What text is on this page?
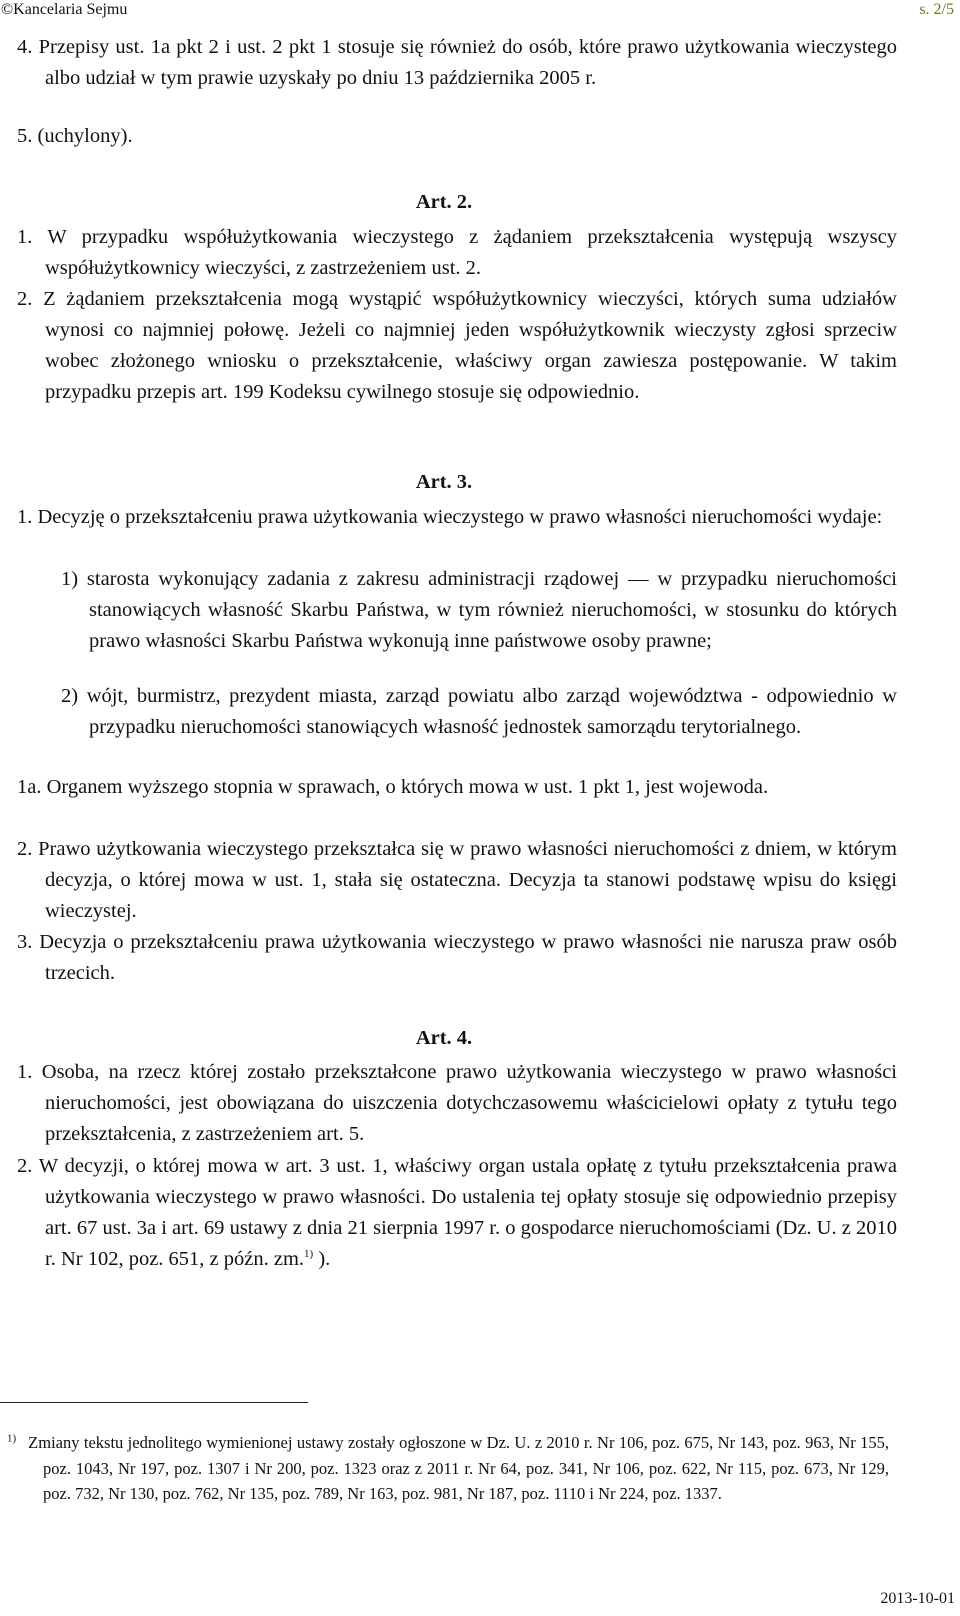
©Kancelaria Sejmu	s. 2/5

4. Przepisy ust. 1a pkt 2 i ust. 2 pkt 1 stosuje się również do osób, które prawo użytkowania wieczystego albo udział w tym prawie uzyskały po dniu 13 października 2005 r.

5. (uchylony).

Art. 2.

1. W przypadku współużytkowania wieczystego z żądaniem przekształcenia występują wszyscy współużytkownicy wieczyści, z zastrzeżeniem ust. 2.

2. Z żądaniem przekształcenia mogą wystąpić współużytkownicy wieczyści, których suma udziałów wynosi co najmniej połowę. Jeżeli co najmniej jeden współużytkownik wieczysty zgłosi sprzeciw wobec złożonego wniosku o przekształcenie, właściwy organ zawiesza postępowanie. W takim przypadku przepis art. 199 Kodeksu cywilnego stosuje się odpowiednio.

Art. 3.

1. Decyzję o przekształceniu prawa użytkowania wieczystego w prawo własności nieruchomości wydaje:

1) starosta wykonujący zadania z zakresu administracji rządowej — w przypadku nieruchomości stanowiących własność Skarbu Państwa, w tym również nieruchomości, w stosunku do których prawo własności Skarbu Państwa wykonują inne państwowe osoby prawne;

2) wójt, burmistrz, prezydent miasta, zarząd powiatu albo zarząd województwa - odpowiednio w przypadku nieruchomości stanowiących własność jednostek samorządu terytorialnego.

1a. Organem wyższego stopnia w sprawach, o których mowa w ust. 1 pkt 1, jest wojewoda.

2. Prawo użytkowania wieczystego przekształca się w prawo własności nieruchomości z dniem, w którym decyzja, o której mowa w ust. 1, stała się ostateczna. Decyzja ta stanowi podstawę wpisu do księgi wieczystej.

3. Decyzja o przekształceniu prawa użytkowania wieczystego w prawo własności nie narusza praw osób trzecich.

Art. 4.

1. Osoba, na rzecz której zostało przekształcone prawo użytkowania wieczystego w prawo własności nieruchomości, jest obowiązana do uiszczenia dotychczasowemu właścicielowi opłaty z tytułu tego przekształcenia, z zastrzeżeniem art. 5.

2. W decyzji, o której mowa w art. 3 ust. 1, właściwy organ ustala opłatę z tytułu przekształcenia prawa użytkowania wieczystego w prawo własności. Do ustalenia tej opłaty stosuje się odpowiednio przepisy art. 67 ust. 3a i art. 69 ustawy z dnia 21 sierpnia 1997 r. o gospodarce nieruchomościami (Dz. U. z 2010 r. Nr 102, poz. 651, z późn. zm.$^{1)}$ ).

$^{1)}$ Zmiany tekstu jednolitego wymienionej ustawy zostały ogłoszone w Dz. U. z 2010 r. Nr 106, poz. 675, Nr 143, poz. 963, Nr 155, poz. 1043, Nr 197, poz. 1307 i Nr 200, poz. 1323 oraz z 2011 r. Nr 64, poz. 341, Nr 106, poz. 622, Nr 115, poz. 673, Nr 129, poz. 732, Nr 130, poz. 762, Nr 135, poz. 789, Nr 163, poz. 981, Nr 187, poz. 1110 i Nr 224, poz. 1337.

2013-10-01
